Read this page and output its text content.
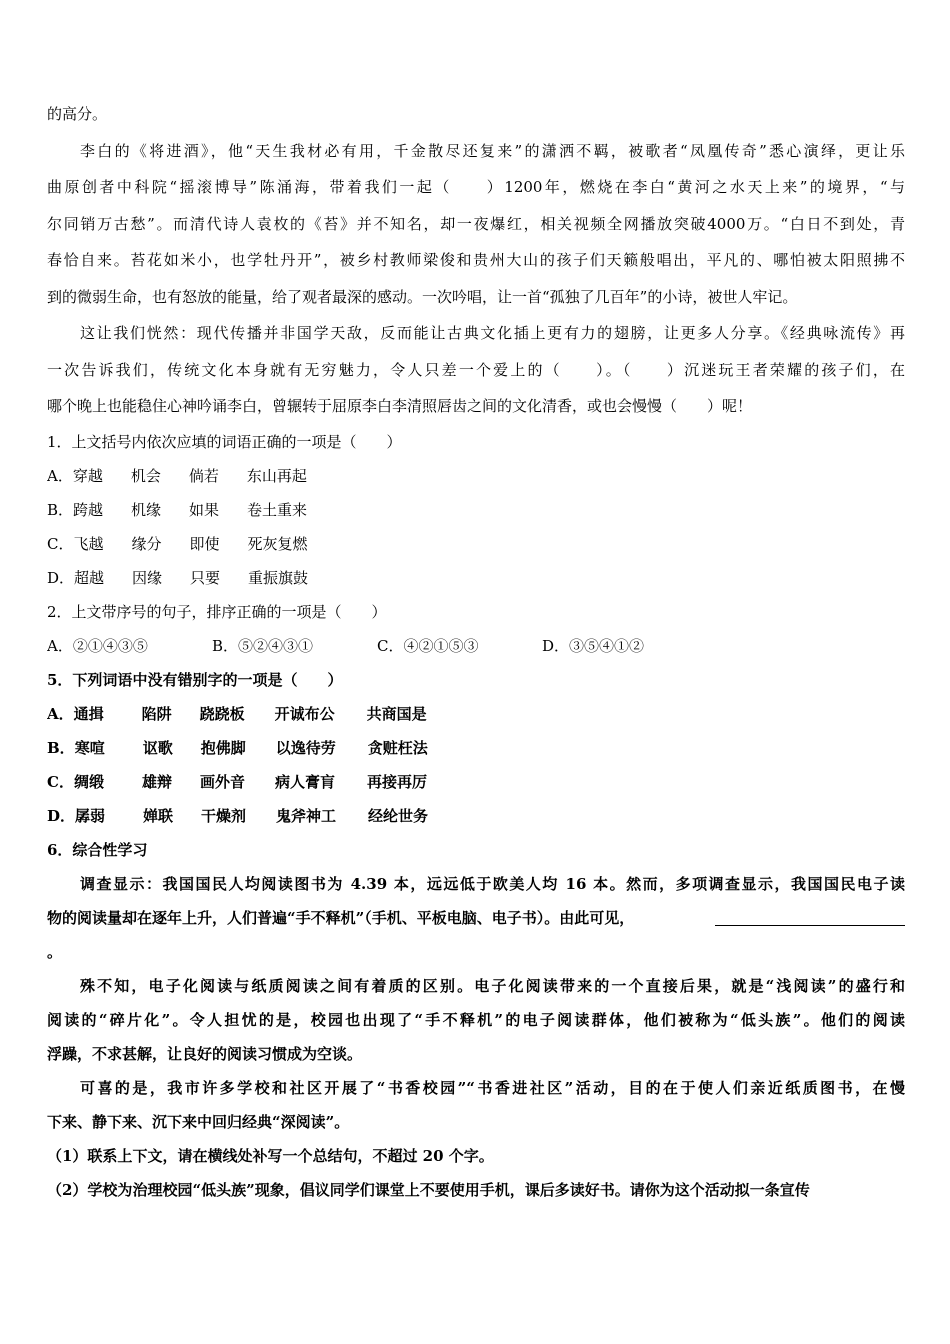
的高分。
李白的《将进酒》，他“天生我材必有用，千金散尽还复来”的潇洒不羁，被歌者“凤凰传奇”悉心演绎，更让乐
曲原创者中科院“摇滚博导”陈涌海，带着我们一起（　　）1200年，燃烧在李白“黄河之水天上来”的境界，“与
尔同销万古愁”。而清代诗人袁枚的《苔》并不知名，却一夜爆红，相关视频全网播放突破4000万。“白日不到处，青
春恰自来。苔花如米小，也学牡丹开”，被乡村教师梁俊和贵州大山的孩子们天籁般唱出，平凡的、哪怕被太阳照拂不
到的微弱生命，也有怒放的能量，给了观者最深的感动。一次吟唱，让一首“孤独了几百年”的小诗，被世人牢记。
这让我们恍然：现代传播并非国学天敌，反而能让古典文化插上更有力的翅膀，让更多人分享。《经典咏流传》再
一次告诉我们，传统文化本身就有无穷魅力，令人只差一个爱上的（　　）。（　　）沉迷玩王者荣耀的孩子们，在
哪个晚上也能稳住心神吟诵李白，曾辗转于屈原李白李清照唇齿之间的文化清香，或也会慢慢（　　）呢！
1．上文括号内依次应填的词语正确的一项是（　　）
A．穿越 机会 倘若 东山再起
B．跨越 机缘 如果 卷土重来
C．飞越 缘分 即使 死灰复燃
D．超越 因缘 只要 重振旗鼓
2．上文带序号的句子，排序正确的一项是（　　）
A．②①④③⑤	B．⑤②④③①	C．④②①⑤③	D．③⑤④①②
5．下列词语中没有错别字的一项是（　　）
A．通揖	陷阱 跷跷板 开诚布公 共商国是
B．寒喧	讴歌 抱佛脚 以逸待劳 贪赃枉法
C．绸缎	雄辩 画外音 病人膏肓 再接再厉
D．孱弱	婵联 干燥剂 鬼斧神工 经纶世务
6．综合性学习
调查显示：我国国民人均阅读图书为 4.39 本，远远低于欧美人均 16 本。然而，多项调查显示，我国国民电子读
物的阅读量却在逐年上升，人们普遍“手不释机”（手机、平板电脑、电子书）。由此可见，
。
殊不知，电子化阅读与纸质阅读之间有着质的区别。电子化阅读带来的一个直接后果，就是“浅阅读”的盛行和
阅读的“碎片化”。令人担忧的是，校园也出现了“手不释机”的电子阅读群体，他们被称为“低头族”。他们的阅读
浮躁，不求甚解，让良好的阅读习惯成为空谈。
可喜的是，我市许多学校和社区开展了“书香校园”“书香进社区”活动，目的在于使人们亲近纸质图书，在慢
下来、静下来、沉下来中回归经典“深阅读”。
（1）联系上下文，请在横线处补写一个总结句，不超过 20 个字。
（2）学校为治理校园“低头族”现象，倡议同学们课堂上不要使用手机，课后多读好书。请你为这个活动拟一条宣传
